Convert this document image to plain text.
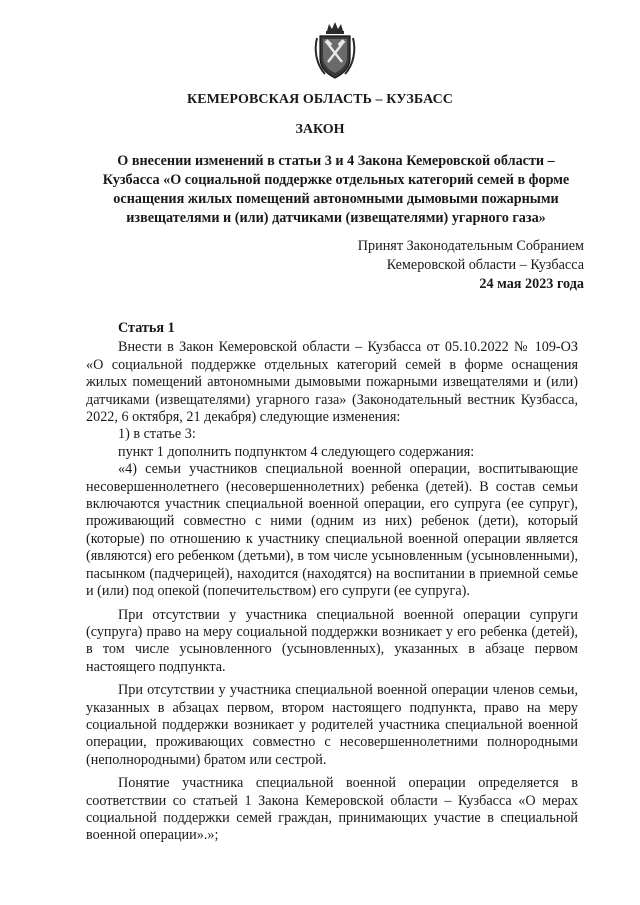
КЕМЕРОВСКАЯ ОБЛАСТЬ – КУЗБАСС
ЗАКОН
О внесении изменений в статьи 3 и 4 Закона Кемеровской области – Кузбасса «О социальной поддержке отдельных категорий семей в форме оснащения жилых помещений автономными дымовыми пожарными извещателями и (или) датчиками (извещателями) угарного газа»
Принят Законодательным Собранием
Кемеровской области – Кузбасса
24 мая 2023 года

Статья 1

Внести в Закон Кемеровской области – Кузбасса от 05.10.2022 № 109-ОЗ «О социальной поддержке отдельных категорий семей в форме оснащения жилых помещений автономными дымовыми пожарными извещателями и (или) датчиками (извещателями) угарного газа» (Законодательный вестник Кузбасса, 2022, 6 октября, 21 декабря) следующие изменения:

1) в статье 3:

пункт 1 дополнить подпунктом 4 следующего содержания:

«4) семьи участников специальной военной операции, воспитывающие несовершеннолетнего (несовершеннолетних) ребенка (детей). В состав семьи включаются участник специальной военной операции, его супруга (ее супруг), проживающий совместно с ними (одним из них) ребенок (дети), который (которые) по отношению к участнику специальной военной операции является (являются) его ребенком (детьми), в том числе усыновленным (усыновленными), пасынком (падчерицей), находится (находятся) на воспитании в приемной семье и (или) под опекой (попечительством) его супруги (ее супруга).

При отсутствии у участника специальной военной операции супруги (супруга) право на меру социальной поддержки возникает у его ребенка (детей), в том числе усыновленного (усыновленных), указанных в абзаце первом настоящего подпункта.

При отсутствии у участника специальной военной операции членов семьи, указанных в абзацах первом, втором настоящего подпункта, право на меру социальной поддержки возникает у родителей участника специальной военной операции, проживающих совместно с несовершеннолетними полнородными (неполнородными) братом или сестрой.

Понятие участника специальной военной операции определяется в соответствии со статьей 1 Закона Кемеровской области – Кузбасса «О мерах социальной поддержки семей граждан, принимающих участие в специальной военной операции».»;
